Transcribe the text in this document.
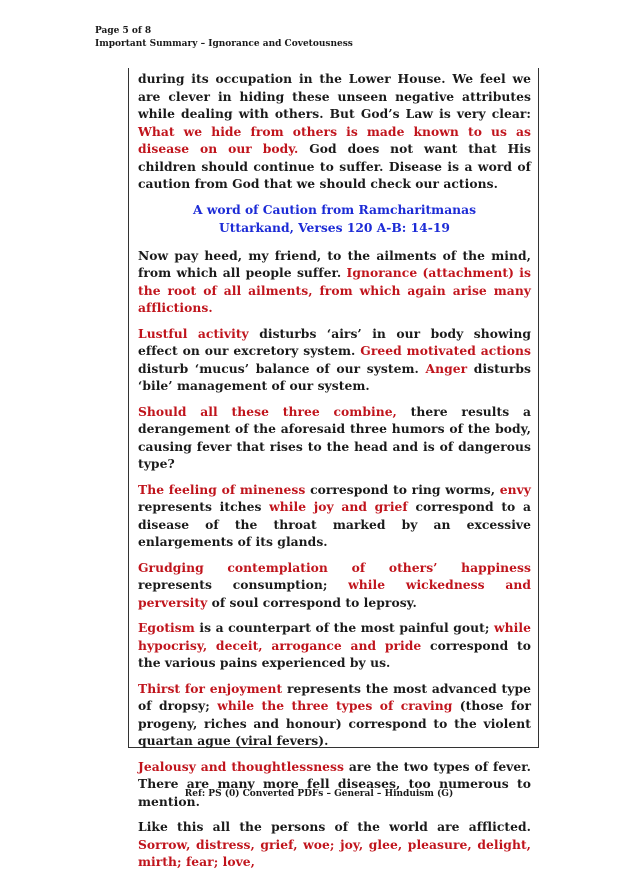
Page 5 of 8
Important Summary – Ignorance and Covetousness

during its occupation in the Lower House. We feel we are clever in hiding these unseen negative attributes while dealing with others. But God’s Law is very clear: What we hide from others is made known to us as disease on our body. God does not want that His children should continue to suffer. Disease is a word of caution from God that we should check our actions.

A word of Caution from Ramcharitmanas
Uttarkand, Verses 120 A-B: 14-19

Now pay heed, my friend, to the ailments of the mind, from which all people suffer. Ignorance (attachment) is the root of all ailments, from which again arise many afflictions.

Lustful activity disturbs ‘airs’ in our body showing effect on our excretory system. Greed motivated actions disturb ‘mucus’ balance of our system. Anger disturbs ‘bile’ management of our system.

Should all these three combine, there results a derangement of the aforesaid three humors of the body, causing fever that rises to the head and is of dangerous type?

The feeling of mineness correspond to ring worms, envy represents itches while joy and grief correspond to a disease of the throat marked by an excessive enlargements of its glands.

Grudging contemplation of others’ happiness represents consumption; while wickedness and perversity of soul correspond to leprosy.

Egotism is a counterpart of the most painful gout; while hypocrisy, deceit, arrogance and pride correspond to the various pains experienced by us.

Thirst for enjoyment represents the most advanced type of dropsy; while the three types of craving (those for progeny, riches and honour) correspond to the violent quartan ague (viral fevers).

Jealousy and thoughtlessness are the two types of fever. There are many more fell diseases, too numerous to mention.

Like this all the persons of the world are afflicted. Sorrow, distress, grief, woe; joy, glee, pleasure, delight, mirth; fear; love,

Ref: PS (0) Converted PDFs – General – Hinduism (G)
